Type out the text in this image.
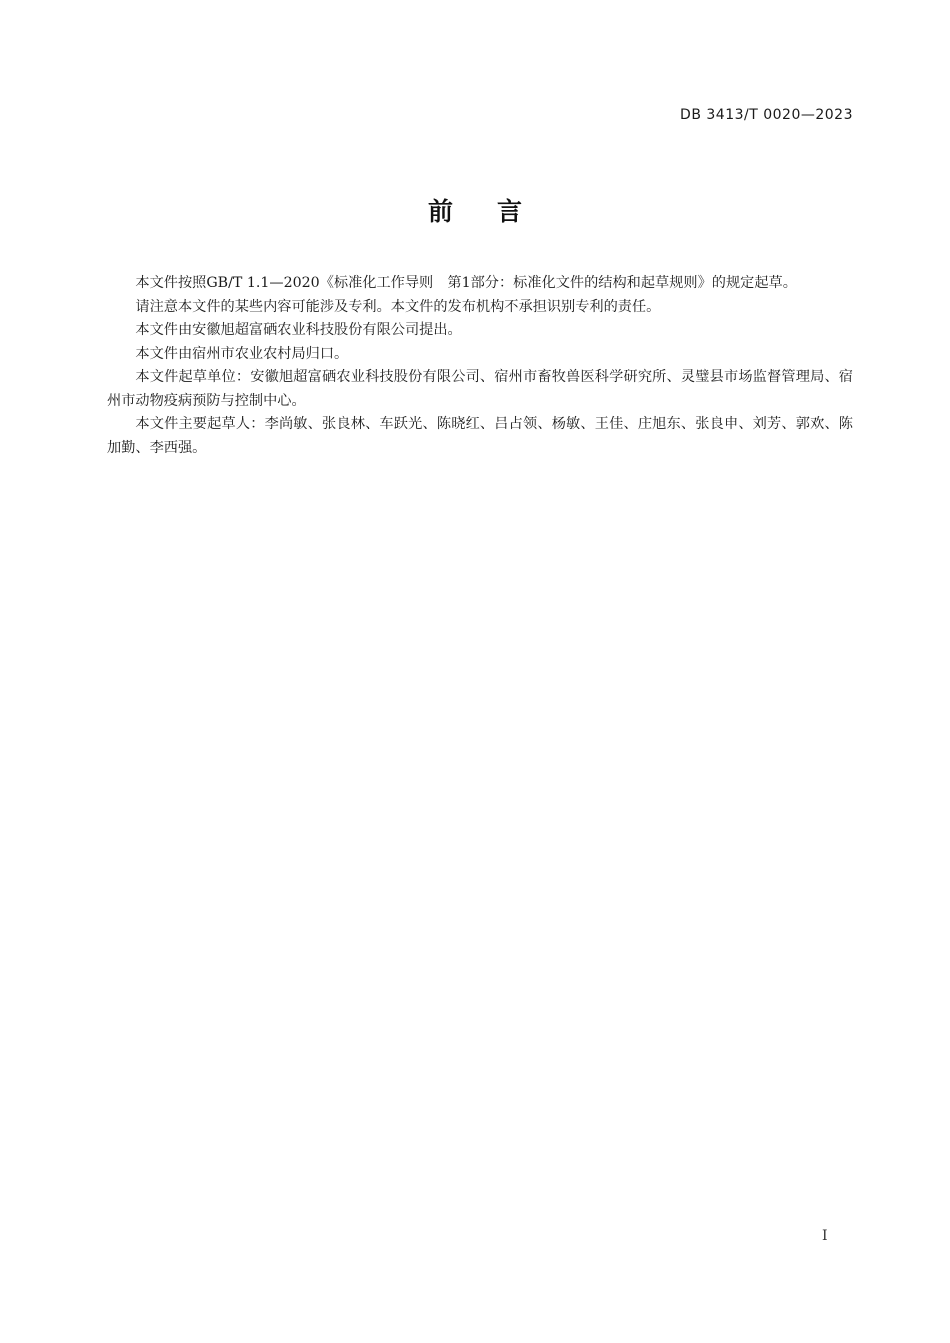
DB 3413/T 0020—2023
前言

本文件按照GB/T 1.1—2020《标准化工作导则　第1部分：标准化文件的结构和起草规则》的规定起草。

请注意本文件的某些内容可能涉及专利。本文件的发布机构不承担识别专利的责任。

本文件由安徽旭超富硒农业科技股份有限公司提出。

本文件由宿州市农业农村局归口。

本文件起草单位：安徽旭超富硒农业科技股份有限公司、宿州市畜牧兽医科学研究所、灵璧县市场监督管理局、宿州市动物疫病预防与控制中心。

本文件主要起草人：李尚敏、张良林、车跃光、陈晓红、吕占领、杨敏、王佳、庄旭东、张良申、刘芳、郭欢、陈加勤、李西强。

I
